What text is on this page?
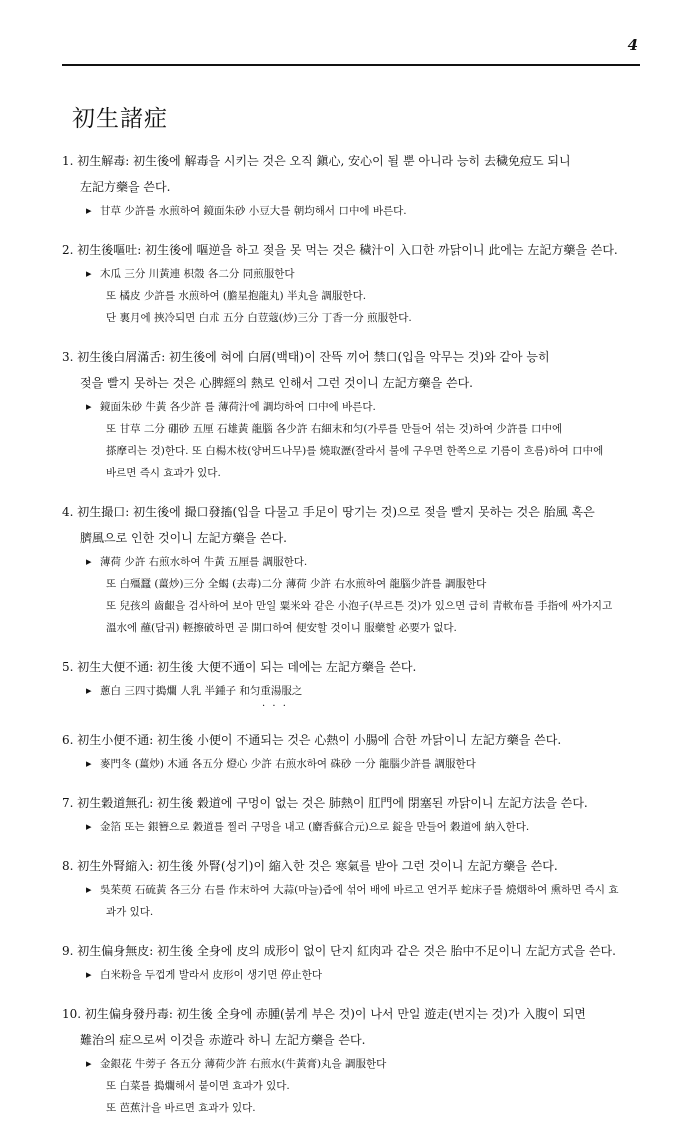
4
初生諸症
1. 初生解毒: 初生後에 解毒을 시키는 것은 오직 鎭心, 安心이 될 뿐 아니라 능히 去穢免痘도 되니
左記方藥을 쓴다.
▸ 甘草 少許를 水煎하여 鏡面朱砂 小豆大를 朝均해서 口中에 바른다.
2. 初生後嘔吐: 初生後에 嘔逆을 하고 젖을 못 먹는 것은 穢汁이 入口한 까닭이니 此에는 左記方藥을 쓴다.
▸ 木瓜 三分 川黃連 枳殼 各二分 同煎服한다
또 橘皮 少許를 水煎하여 (膽星抱龍丸) 半丸을 調服한다.
단 裏月에 挾冷되면 白朮 五分 白荳蔻(炒)三分 丁香一分 煎服한다.
3. 初生後白屑滿舌: 初生後에 혀에 白屑(백태)이 잔뜩 끼어 禁口(입을 악무는 것)와 같아 능히
젖을 빨지 못하는 것은 心脾經의 熱로 인해서 그런 것이니 左記方藥을 쓴다.
▸ 鏡面朱砂 牛黃 各少許 를 薄荷汁에 調均하여 口中에 바른다.
또 甘草 二分 硼砂 五厘 石雄黃 龍腦 各少許 右細末和匀(가루를 만들어 섞는 것)하여 少許를 口中에
搽摩리는 것)한다. 또 白楊木枝(양버드나무)를 燒取瀝(잘라서 불에 구우면 한쪽으로 기름이 흐름)하여 口中에
바르면 즉시 효과가 있다.
4. 初生撮口: 初生後에 撮口發搐(입을 다물고 手足이 땅기는 것)으로 젖을 빨지 못하는 것은 胎風 혹은
臍風으로 인한 것이니 左記方藥을 쓴다.
▸ 薄荷 少許 右煎水하여 牛黃 五厘를 調服한다.
또 白殭蠶 (薑炒)三分 全蝎 (去毒)二分 薄荷 少許 右水煎하여 龍腦少許를 調服한다
또 兒孩의 齒齦을 검사하여 보아 만일 粟米와 같은 小泡子(부르튼 것)가 있으면 급히 青軟布를 手指에 싸가지고
溫水에 蘸(담궈) 輕擦破하면 곧 開口하여 便安할 것이니 服藥할 必要가 없다.
5. 初生大便不通: 初生後 大便不通이 되는 데에는 左記方藥을 쓴다.
▸ 蔥白 三四寸搗爛 人乳 半鍾子 和匀重湯服之
· · ·
6. 初生小便不通: 初生後 小便이 不通되는 것은 心熱이 小腸에 合한 까닭이니 左記方藥을 쓴다.
▸ 麥門冬 (薑炒) 木通 各五分 燈心 少許 右煎水하여 硃砂 一分 龍腦少許를 調服한다
7. 初生穀道無孔: 初生後 穀道에 구멍이 없는 것은 肺熱이 肛門에 閉塞된 까닭이니 左記方法을 쓴다.
▸ 金箔 또는 銀簪으로 穀道를 찔러 구멍을 내고 (麝香蘇合元)으로 錠을 만들어 穀道에 納入한다.
8. 初生外腎縮入: 初生後 外腎(성기)이 縮入한 것은 寒氣를 받아 그런 것이니 左記方藥을 쓴다.
▸ 吳茱萸 石硫黃 各三分 右를 作末하여 大蒜(마늘)즙에 섞어 배에 바르고 연거푸 蛇床子를 燒烟하여 熏하면 즉시 효
과가 있다.
9. 初生偏身無皮: 初生後 全身에 皮의 成形이 없이 단지 紅肉과 같은 것은 胎中不足이니 左記方式을 쓴다.
▸ 白米粉을 두껍게 발라서 皮形이 생기면 停止한다
10. 初生偏身發丹毒: 初生後 全身에 赤腫(붉게 부은 것)이 나서 만일 遊走(번지는 것)가 入腹이 되면
難治의 症으로써 이것을 赤遊라 하니 左記方藥을 쓴다.
▸ 金銀花 牛蒡子 各五分 薄荷少許 右煎水(牛黃膏)丸을 調服한다
또 白菜를 搗爛해서 붙이면 효과가 있다.
또 芭蕉汁을 바르면 효과가 있다.
